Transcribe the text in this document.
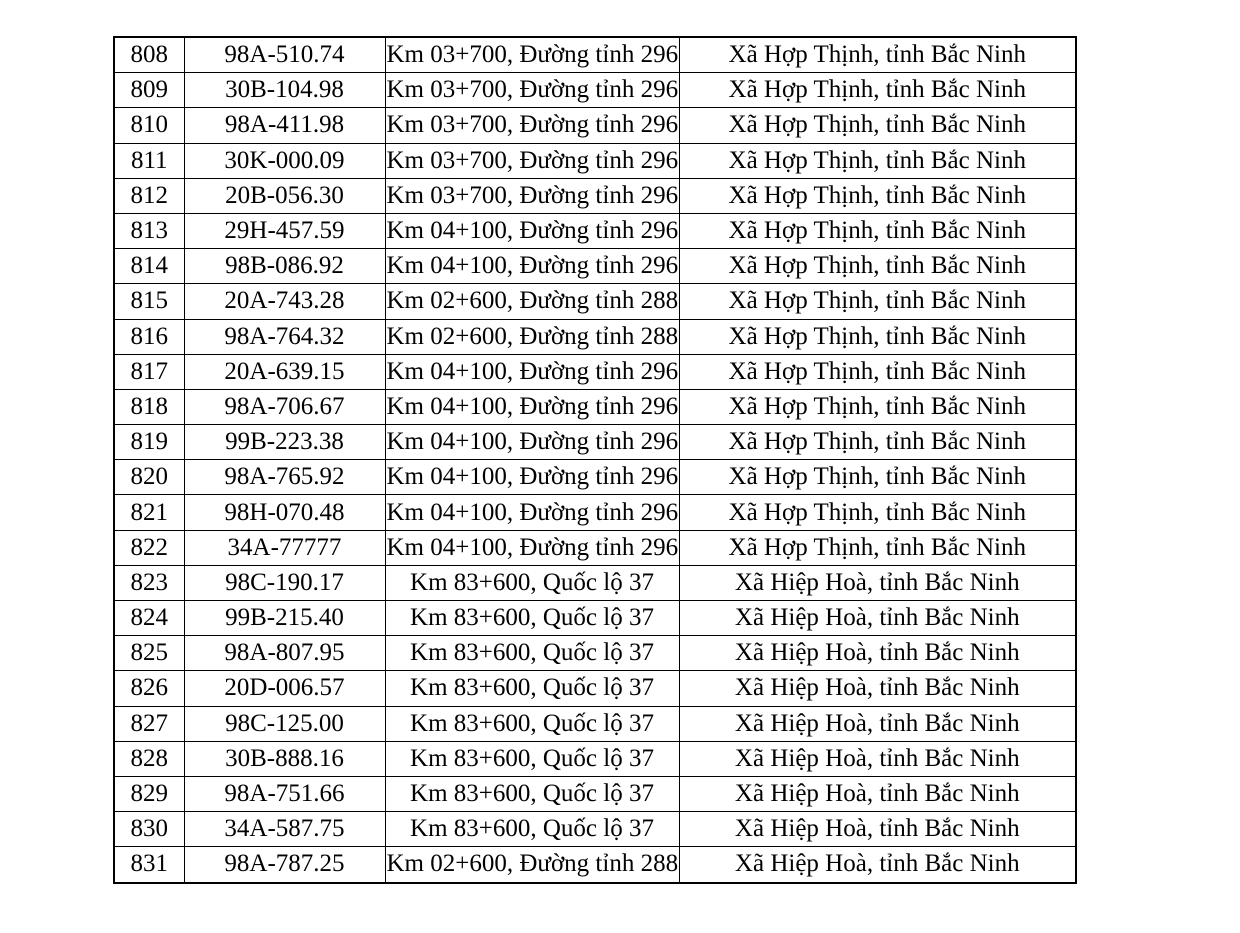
808	98A-510.74	Km 03+700, Đường tỉnh 296	Xã Hợp Thịnh, tỉnh Bắc Ninh
809	30B-104.98	Km 03+700, Đường tỉnh 296	Xã Hợp Thịnh, tỉnh Bắc Ninh
810	98A-411.98	Km 03+700, Đường tỉnh 296	Xã Hợp Thịnh, tỉnh Bắc Ninh
811	30K-000.09	Km 03+700, Đường tỉnh 296	Xã Hợp Thịnh, tỉnh Bắc Ninh
812	20B-056.30	Km 03+700, Đường tỉnh 296	Xã Hợp Thịnh, tỉnh Bắc Ninh
813	29H-457.59	Km 04+100, Đường tỉnh 296	Xã Hợp Thịnh, tỉnh Bắc Ninh
814	98B-086.92	Km 04+100, Đường tỉnh 296	Xã Hợp Thịnh, tỉnh Bắc Ninh
815	20A-743.28	Km 02+600, Đường tỉnh 288	Xã Hợp Thịnh, tỉnh Bắc Ninh
816	98A-764.32	Km 02+600, Đường tỉnh 288	Xã Hợp Thịnh, tỉnh Bắc Ninh
817	20A-639.15	Km 04+100, Đường tỉnh 296	Xã Hợp Thịnh, tỉnh Bắc Ninh
818	98A-706.67	Km 04+100, Đường tỉnh 296	Xã Hợp Thịnh, tỉnh Bắc Ninh
819	99B-223.38	Km 04+100, Đường tỉnh 296	Xã Hợp Thịnh, tỉnh Bắc Ninh
820	98A-765.92	Km 04+100, Đường tỉnh 296	Xã Hợp Thịnh, tỉnh Bắc Ninh
821	98H-070.48	Km 04+100, Đường tỉnh 296	Xã Hợp Thịnh, tỉnh Bắc Ninh
822	34A-77777	Km 04+100, Đường tỉnh 296	Xã Hợp Thịnh, tỉnh Bắc Ninh
823	98C-190.17	Km 83+600, Quốc lộ 37	Xã Hiệp Hoà, tỉnh Bắc Ninh
824	99B-215.40	Km 83+600, Quốc lộ 37	Xã Hiệp Hoà, tỉnh Bắc Ninh
825	98A-807.95	Km 83+600, Quốc lộ 37	Xã Hiệp Hoà, tỉnh Bắc Ninh
826	20D-006.57	Km 83+600, Quốc lộ 37	Xã Hiệp Hoà, tỉnh Bắc Ninh
827	98C-125.00	Km 83+600, Quốc lộ 37	Xã Hiệp Hoà, tỉnh Bắc Ninh
828	30B-888.16	Km 83+600, Quốc lộ 37	Xã Hiệp Hoà, tỉnh Bắc Ninh
829	98A-751.66	Km 83+600, Quốc lộ 37	Xã Hiệp Hoà, tỉnh Bắc Ninh
830	34A-587.75	Km 83+600, Quốc lộ 37	Xã Hiệp Hoà, tỉnh Bắc Ninh
831	98A-787.25	Km 02+600, Đường tỉnh 288	Xã Hiệp Hoà, tỉnh Bắc Ninh
